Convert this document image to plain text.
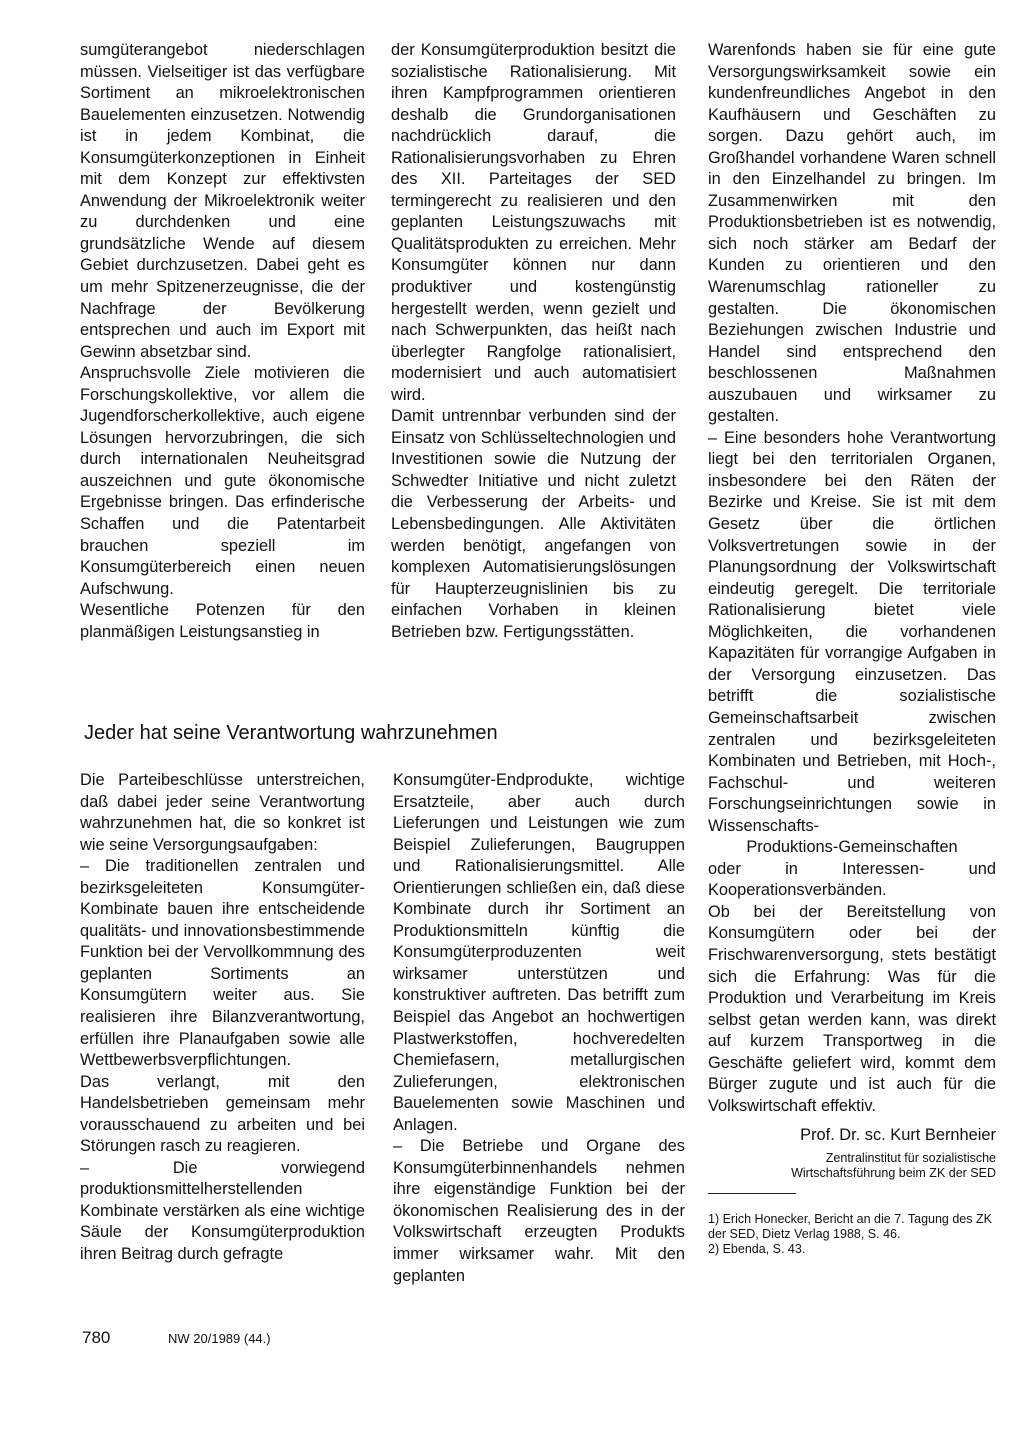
sumgüterangebot niederschlagen müssen. Vielseitiger ist das verfügbare Sortiment an mikroelektronischen Bauelementen einzusetzen. Notwendig ist in jedem Kombinat, die Konsumgüterkonzeptionen in Einheit mit dem Konzept zur effektivsten Anwendung der Mikroelektronik weiter zu durchdenken und eine grundsätzliche Wende auf diesem Gebiet durchzusetzen. Dabei geht es um mehr Spitzenerzeugnisse, die der Nachfrage der Bevölkerung entsprechen und auch im Export mit Gewinn absetzbar sind.

Anspruchsvolle Ziele motivieren die Forschungskollektive, vor allem die Jugendforscherkollektive, auch eigene Lösungen hervorzubringen, die sich durch internationalen Neuheitsgrad auszeichnen und gute ökonomische Ergebnisse bringen. Das erfinderische Schaffen und die Patentarbeit brauchen speziell im Konsumgüterbereich einen neuen Aufschwung.

Wesentliche Potenzen für den planmäßigen Leistungsanstieg in

der Konsumgüterproduktion besitzt die sozialistische Rationalisierung. Mit ihren Kampfprogrammen orientieren deshalb die Grundorganisationen nachdrücklich darauf, die Rationalisierungsvorhaben zu Ehren des XII. Parteitages der SED termingerecht zu realisieren und den geplanten Leistungszuwachs mit Qualitätsprodukten zu erreichen. Mehr Konsumgüter können nur dann produktiver und kostengünstig hergestellt werden, wenn gezielt und nach Schwerpunkten, das heißt nach überlegter Rangfolge rationalisiert, modernisiert und auch automatisiert wird.

Damit untrennbar verbunden sind der Einsatz von Schlüsseltechnologien und Investitionen sowie die Nutzung der Schwedter Initiative und nicht zuletzt die Verbesserung der Arbeits- und Lebensbedingungen. Alle Aktivitäten werden benötigt, angefangen von komplexen Automatisierungslösungen für Haupterzeugnislinien bis zu einfachen Vorhaben in kleinen Betrieben bzw. Fertigungsstätten.

Warenfonds haben sie für eine gute Versorgungswirksamkeit sowie ein kundenfreundliches Angebot in den Kaufhäusern und Geschäften zu sorgen. Dazu gehört auch, im Großhandel vorhandene Waren schnell in den Einzelhandel zu bringen. Im Zusammenwirken mit den Produktionsbetrieben ist es notwendig, sich noch stärker am Bedarf der Kunden zu orientieren und den Warenumschlag rationeller zu gestalten. Die ökonomischen Beziehungen zwischen Industrie und Handel sind entsprechend den beschlossenen Maßnahmen auszubauen und wirksamer zu gestalten.

– Eine besonders hohe Verantwortung liegt bei den territorialen Organen, insbesondere bei den Räten der Bezirke und Kreise. Sie ist mit dem Gesetz über die örtlichen Volksvertretungen sowie in der Planungsordnung der Volkswirtschaft eindeutig geregelt. Die territoriale Rationalisierung bietet viele Möglichkeiten, die vorhandenen Kapazitäten für vorrangige Aufgaben in der Versorgung einzusetzen. Das betrifft die sozialistische Gemeinschaftsarbeit zwischen zentralen und bezirksgeleiteten Kombinaten und Betrieben, mit Hoch-, Fachschul- und weiteren Forschungseinrichtungen sowie in Wissenschafts-

Produktions-Gemeinschaften

oder in Interessen- und Kooperationsverbänden.

Ob bei der Bereitstellung von Konsumgütern oder bei der Frischwarenversorgung, stets bestätigt sich die Erfahrung: Was für die Produktion und Verarbeitung im Kreis selbst getan werden kann, was direkt auf kurzem Transportweg in die Geschäfte geliefert wird, kommt dem Bürger zugute und ist auch für die Volkswirtschaft effektiv.

Prof. Dr. sc. Kurt Bernheier
Zentralinstitut für sozialistische
Wirtschaftsführung beim ZK der SED

1) Erich Honecker, Bericht an die 7. Tagung des ZK der SED, Dietz Verlag 1988, S. 46.

2) Ebenda, S. 43.

Jeder hat seine Verantwortung wahrzunehmen

Die Parteibeschlüsse unterstreichen, daß dabei jeder seine Verantwortung wahrzunehmen hat, die so konkret ist wie seine Versorgungsaufgaben:

– Die traditionellen zentralen und bezirksgeleiteten Konsumgüter-Kombinate bauen ihre entscheidende qualitäts- und innovationsbestimmende Funktion bei der Vervollkommnung des geplanten Sortiments an Konsumgütern weiter aus. Sie realisieren ihre Bilanzverantwortung, erfüllen ihre Planaufgaben sowie alle Wettbewerbsverpflichtungen.

Das verlangt, mit den Handelsbetrieben gemeinsam mehr vorausschauend zu arbeiten und bei Störungen rasch zu reagieren.

– Die vorwiegend produktionsmittelherstellenden Kombinate verstärken als eine wichtige Säule der Konsumgüterproduktion ihren Beitrag durch gefragte

Konsumgüter-Endprodukte, wichtige Ersatzteile, aber auch durch Lieferungen und Leistungen wie zum Beispiel Zulieferungen, Baugruppen und Rationalisierungsmittel. Alle Orientierungen schließen ein, daß diese Kombinate durch ihr Sortiment an Produktionsmitteln künftig die Konsumgüterproduzenten weit wirksamer unterstützen und konstruktiver auftreten. Das betrifft zum Beispiel das Angebot an hochwertigen Plastwerkstoffen, hochveredelten Chemiefasern, metallurgischen Zulieferungen, elektronischen Bauelementen sowie Maschinen und Anlagen.

– Die Betriebe und Organe des Konsumgüterbinnenhandels nehmen ihre eigenständige Funktion bei der ökonomischen Realisierung des in der Volkswirtschaft erzeugten Produkts immer wirksamer wahr. Mit den geplanten

780	NW 20/1989 (44.)
